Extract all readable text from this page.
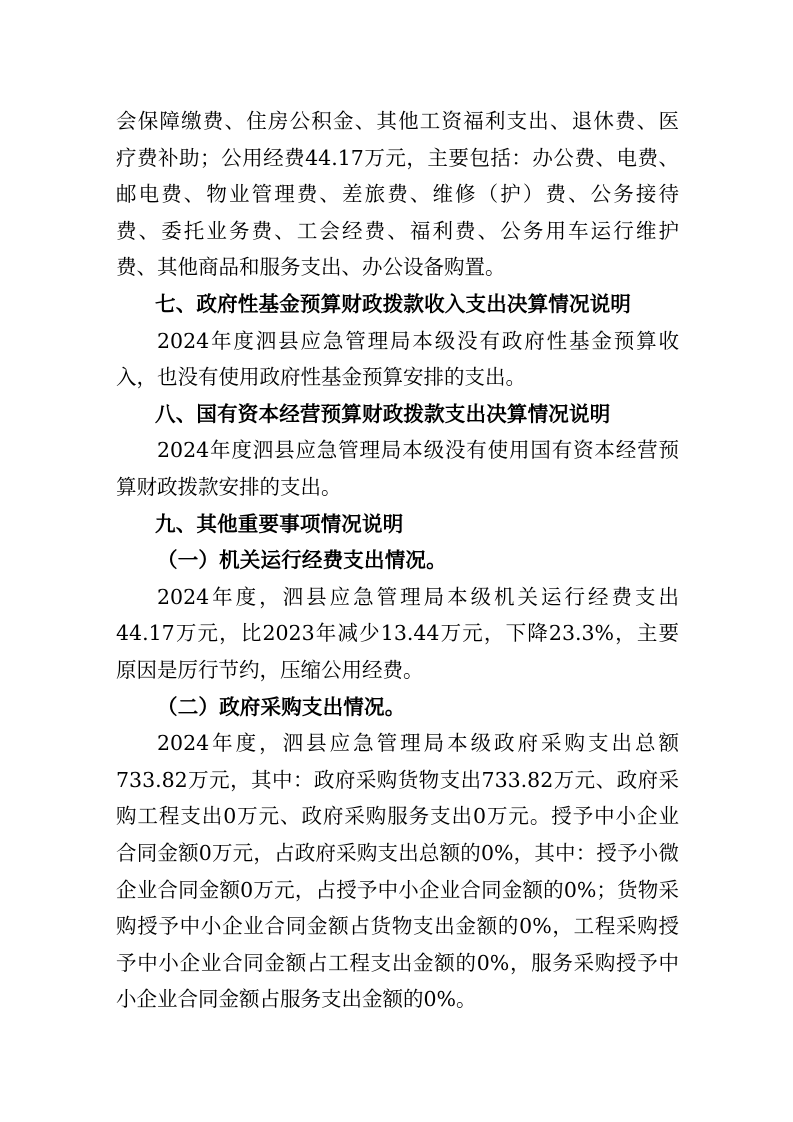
会保障缴费、住房公积金、其他工资福利支出、退休费、医
疗费补助；公用经费44.17万元，主要包括：办公费、电费、
邮电费、物业管理费、差旅费、维修（护）费、公务接待
费、委托业务费、工会经费、福利费、公务用车运行维护
费、其他商品和服务支出、办公设备购置。
七、政府性基金预算财政拨款收入支出决算情况说明
2024年度泗县应急管理局本级没有政府性基金预算收
入，也没有使用政府性基金预算安排的支出。
八、国有资本经营预算财政拨款支出决算情况说明
2024年度泗县应急管理局本级没有使用国有资本经营预
算财政拨款安排的支出。
九、其他重要事项情况说明
（一）机关运行经费支出情况。
2024年度，泗县应急管理局本级机关运行经费支出
44.17万元，比2023年减少13.44万元，下降23.3%，主要
原因是厉行节约，压缩公用经费。
（二）政府采购支出情况。
2024年度，泗县应急管理局本级政府采购支出总额
733.82万元，其中：政府采购货物支出733.82万元、政府采
购工程支出0万元、政府采购服务支出0万元。授予中小企业
合同金额0万元，占政府采购支出总额的0%，其中：授予小微
企业合同金额0万元，占授予中小企业合同金额的0%；货物采
购授予中小企业合同金额占货物支出金额的0%，工程采购授
予中小企业合同金额占工程支出金额的0%，服务采购授予中
小企业合同金额占服务支出金额的0%。
